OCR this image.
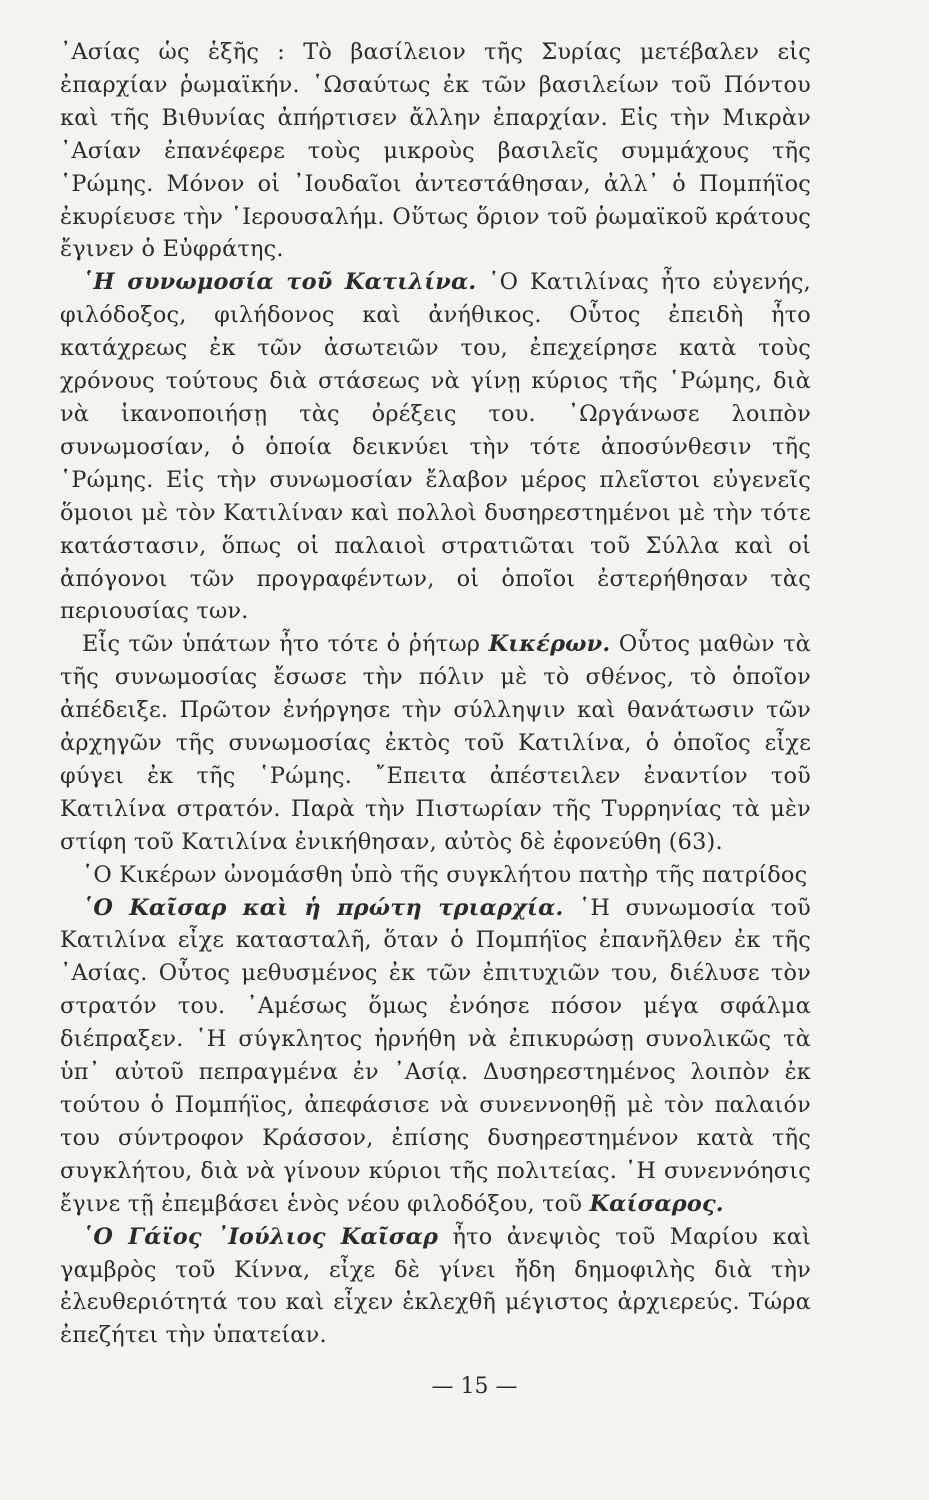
᾿Ασίας ὡς ἑξῆς : Τὸ βασίλειον τῆς Συρίας μετέβαλεν εἰς ἐπαρχίαν ῥωμαϊκήν. ῾Ωσαύτως ἐκ τῶν βασιλείων τοῦ Πόντου καὶ τῆς Βιθυνίας ἀπήρτισεν ἄλλην ἐπαρχίαν. Εἰς τὴν Μικρὰν ᾿Ασίαν ἐπανέφερε τοὺς μικροὺς βασιλεῖς συμμάχους τῆς ῾Ρώμης. Μόνον οἱ ᾿Ιουδαῖοι ἀντεστάθησαν, ἀλλ᾿ ὁ Πομπήϊος ἐκυρίευσε τὴν ῾Ιερουσαλήμ. Οὕτως ὅριον τοῦ ῥωμαϊκοῦ κράτους ἔγινεν ὁ Εὐφράτης.

῾Η συνωμοσία τοῦ Κατιλίνα. ῾Ο Κατιλίνας ἦτο εὐγενής, φιλόδοξος, φιλήδονος καὶ ἀνήθικος. Οὗτος ἐπειδὴ ἦτο κατάχρεως ἐκ τῶν ἀσωτειῶν του, ἐπεχείρησε κατὰ τοὺς χρόνους τούτους διὰ στάσεως νὰ γίνῃ κύριος τῆς ῾Ρώμης, διὰ νὰ ἱκανοποιήσῃ τὰς ὀρέξεις του. ᾿Ωργάνωσε λοιπὸν συνωμοσίαν, ὁ ὁποία δεικνύει τὴν τότε ἀποσύνθεσιν τῆς ῾Ρώμης. Εἰς τὴν συνωμοσίαν ἔλαβον μέρος πλεῖστοι εὐγενεῖς ὅμοιοι μὲ τὸν Κατιλίναν καὶ πολλοὶ δυσηρεστημένοι μὲ τὴν τότε κατάστασιν, ὅπως οἱ παλαιοὶ στρατιῶται τοῦ Σύλλα καὶ οἱ ἀπόγονοι τῶν προγραφέντων, οἱ ὁποῖοι ἐστερήθησαν τὰς περιουσίας των.

Εἷς τῶν ὑπάτων ἦτο τότε ὁ ῥήτωρ Κικέρων. Οὗτος μαθὼν τὰ τῆς συνωμοσίας ἔσωσε τὴν πόλιν μὲ τὸ σθένος, τὸ ὁποῖον ἀπέδειξε. Πρῶτον ἐνήργησε τὴν σύλληψιν καὶ θανάτωσιν τῶν ἀρχηγῶν τῆς συνωμοσίας ἐκτὸς τοῦ Κατιλίνα, ὁ ὁποῖος εἶχε φύγει ἐκ τῆς ῾Ρώμης. ῎Επειτα ἀπέστειλεν ἐναντίον τοῦ Κατιλίνα στρατόν. Παρὰ τὴν Πιστωρίαν τῆς Τυρρηνίας τὰ μὲν στίφη τοῦ Κατιλίνα ἐνικήθησαν, αὐτὸς δὲ ἐφονεύθη (63).

῾Ο Κικέρων ὠνομάσθη ὑπὸ τῆς συγκλήτου πατὴρ τῆς πατρίδος

῾Ο Καῖσαρ καὶ ἡ πρώτη τριαρχία. ῾Η συνωμοσία τοῦ Κατιλίνα εἶχε κατασταλῆ, ὅταν ὁ Πομπήϊος ἐπανῆλθεν ἐκ τῆς ᾿Ασίας. Οὗτος μεθυσμένος ἐκ τῶν ἐπιτυχιῶν του, διέλυσε τὸν στρατόν του. ᾿Αμέσως ὅμως ἐνόησε πόσον μέγα σφάλμα διέπραξεν. ῾Η σύγκλητος ἠρνήθη νὰ ἐπικυρώσῃ συνολικῶς τὰ ὑπ᾿ αὐτοῦ πεπραγμένα ἐν ᾿Ασίᾳ. Δυσηρεστημένος λοιπὸν ἐκ τούτου ὁ Πομπήϊος, ἀπεφάσισε νὰ συνεννοηθῇ μὲ τὸν παλαιόν του σύντροφον Κράσσον, ἐπίσης δυσηρεστημένον κατὰ τῆς συγκλήτου, διὰ νὰ γίνουν κύριοι τῆς πολιτείας. ῾Η συνεννόησις ἔγινε τῇ ἐπεμβάσει ἑνὸς νέου φιλοδόξου, τοῦ Καίσαρος.

῾Ο Γάϊος ᾿Ιούλιος Καῖσαρ ἦτο ἀνεψιὸς τοῦ Μαρίου καὶ γαμβρὸς τοῦ Κίννα, εἶχε δὲ γίνει ἤδη δημοφιλὴς διὰ τὴν ἐλευθεριότητά του καὶ εἶχεν ἐκλεχθῆ μέγιστος ἀρχιερεύς. Τώρα ἐπεζήτει τὴν ὑπατείαν.

— 15 —
